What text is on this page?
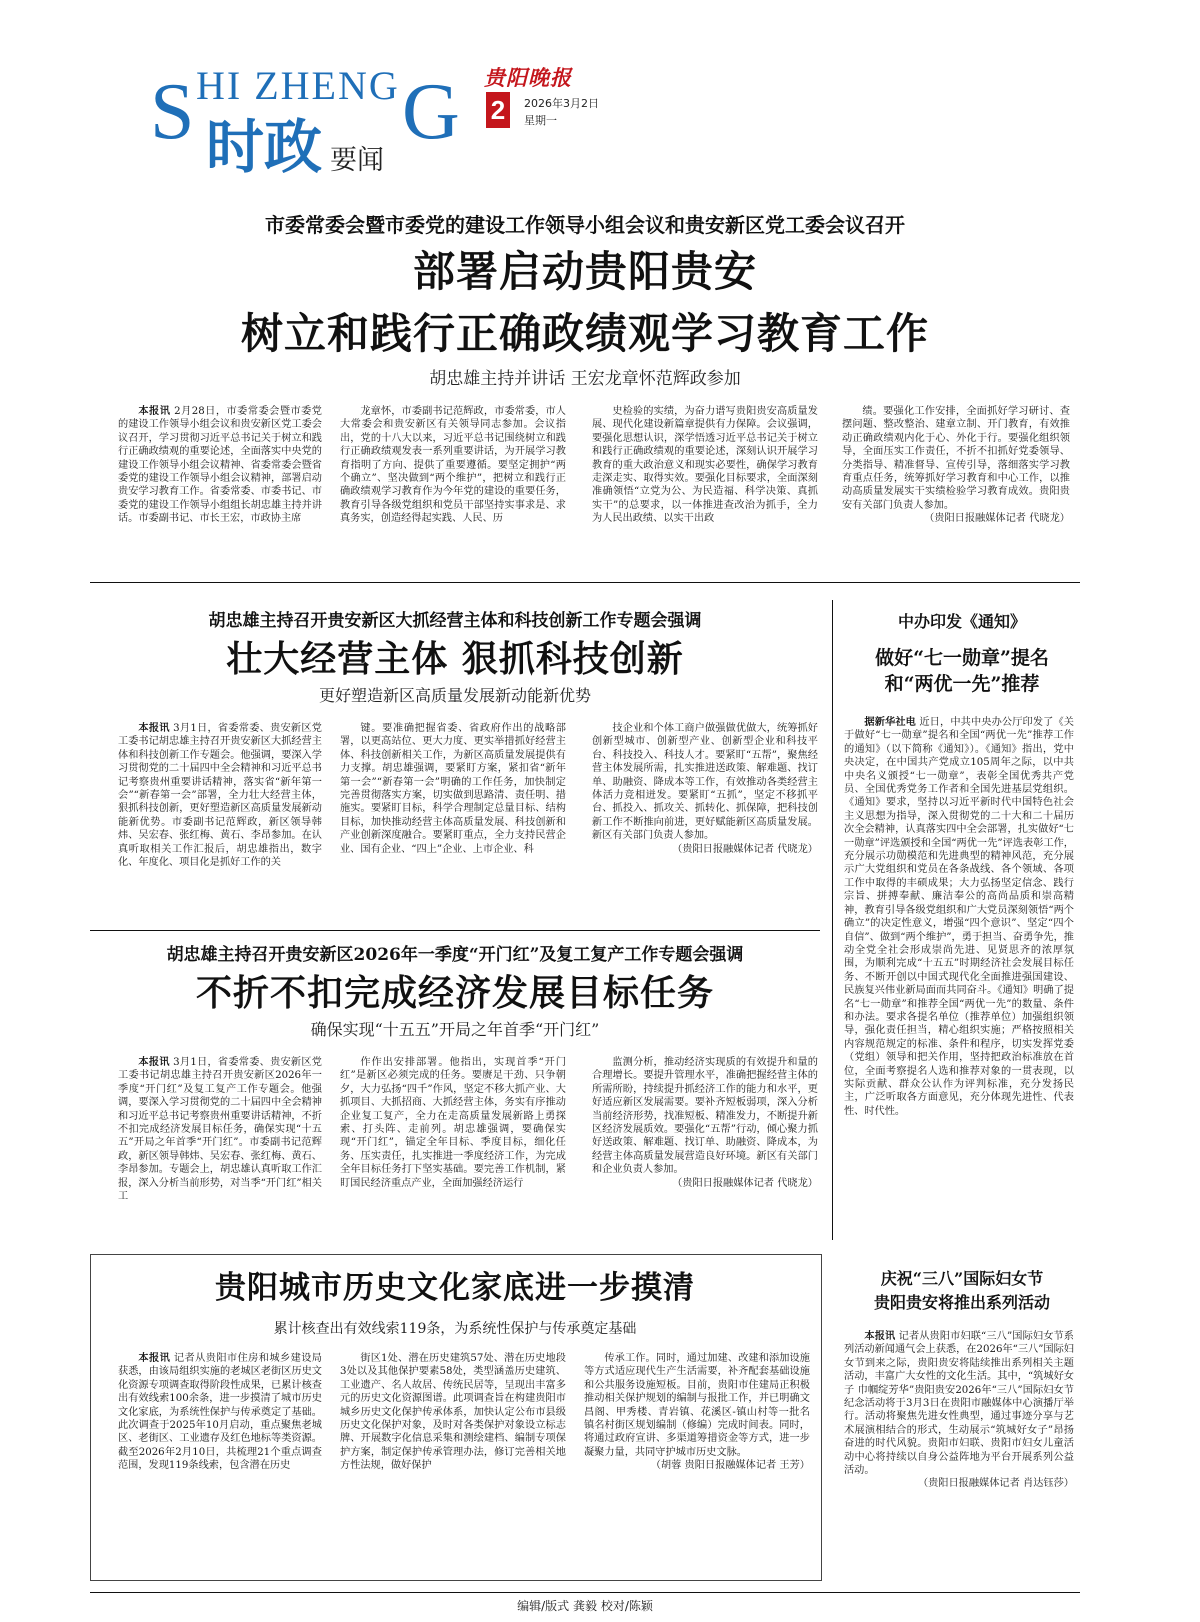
S HI ZHENG G
时政 要闻
贵阳晚报
2	2026年3月2日
星期一
市委常委会暨市委党的建设工作领导小组会议和贵安新区党工委会议召开
部署启动贵阳贵安
树立和践行正确政绩观学习教育工作
胡忠雄主持并讲话 王宏龙章怀范辉政参加

本报讯 2月28日，市委常委会暨市委党的建设工作领导小组会议和贵安新区党工委会议召开，学习贯彻习近平总书记关于树立和践行正确政绩观的重要论述，全面落实中央党的建设工作领导小组会议精神、省委常委会暨省委党的建设工作领导小组会议精神，部署启动贵安学习教育工作。省委常委、市委书记、市委党的建设工作领导小组组长胡忠雄主持并讲话。市委副书记、市长王宏，市政协主席

龙章怀，市委副书记范辉政，市委常委，市人大常委会和贵安新区有关领导同志参加。会议指出，党的十八大以来，习近平总书记围绕树立和践行正确政绩观发表一系列重要讲话，为开展学习教育指明了方向、提供了重要遵循。要坚定拥护“两个确立”、坚决做到“两个维护”，把树立和践行正确政绩观学习教育作为今年党的建设的重要任务，教育引导各级党组织和党员干部坚持实事求是、求真务实，创造经得起实践、人民、历

史检验的实绩，为奋力谱写贵阳贵安高质量发展、现代化建设新篇章提供有力保障。会议强调，要强化思想认识，深学悟透习近平总书记关于树立和践行正确政绩观的重要论述，深刻认识开展学习教育的重大政治意义和现实必要性，确保学习教育走深走实、取得实效。要强化目标要求，全面深刻准确领悟“立党为公、为民造福、科学决策、真抓实干”的总要求，以一体推进查改治为抓手，全力为人民出政绩、以实干出政

绩。要强化工作安排，全面抓好学习研讨、查摆问题、整改整治、建章立制、开门教育，有效推动正确政绩观内化于心、外化于行。要强化组织领导，全面压实工作责任，不折不扣抓好党委领导、分类指导、精准督导、宣传引导，落细落实学习教育重点任务，统筹抓好学习教育和中心工作，以推动高质量发展实干实绩检验学习教育成效。贵阳贵安有关部门负责人参加。

（贵阳日报融媒体记者 代晓龙）

胡忠雄主持召开贵安新区大抓经营主体和科技创新工作专题会强调
壮大经营主体 狠抓科技创新
更好塑造新区高质量发展新动能新优势

本报讯 3月1日，省委常委、贵安新区党工委书记胡忠雄主持召开贵安新区大抓经营主体和科技创新工作专题会。他强调，要深入学习贯彻党的二十届四中全会精神和习近平总书记考察贵州重要讲话精神，落实省“新年第一会”“新春第一会”部署，全力壮大经营主体，狠抓科技创新，更好塑造新区高质量发展新动能新优势。市委副书记范辉政，新区领导韩炜、吴宏春、张红梅、黄石、李昂参加。在认真听取相关工作汇报后，胡忠雄指出，数字化、年度化、项目化是抓好工作的关

键。要准确把握省委、省政府作出的战略部署，以更高站位、更大力度、更实举措抓好经营主体、科技创新相关工作，为新区高质量发展提供有力支撑。胡忠雄强调，要紧盯方案，紧扣省“新年第一会”“新春第一会”明确的工作任务，加快制定完善贯彻落实方案，切实做到思路清、责任明、措施实。要紧盯目标，科学合理制定总量目标、结构目标，加快推动经营主体高质量发展、科技创新和产业创新深度融合。要紧盯重点，全力支持民营企业、国有企业、“四上”企业、上市企业、科

技企业和个体工商户做强做优做大，统筹抓好创新型城市、创新型产业、创新型企业和科技平台、科技投入、科技人才。要紧盯“五帮”，聚焦经营主体发展所需，扎实推进送政策、解难题、找订单、助融资、降成本等工作，有效推动各类经营主体活力竞相迸发。要紧盯“五抓”，坚定不移抓平台、抓投入、抓攻关、抓转化、抓保障，把科技创新工作不断推向前进，更好赋能新区高质量发展。新区有关部门负责人参加。

（贵阳日报融媒体记者 代晓龙）

胡忠雄主持召开贵安新区2026年一季度“开门红”及复工复产工作专题会强调
不折不扣完成经济发展目标任务
确保实现“十五五”开局之年首季“开门红”

本报讯 3月1日，省委常委、贵安新区党工委书记胡忠雄主持召开贵安新区2026年一季度“开门红”及复工复产工作专题会。他强调，要深入学习贯彻党的二十届四中全会精神和习近平总书记考察贵州重要讲话精神，不折不扣完成经济发展目标任务，确保实现“十五五”开局之年首季“开门红”。市委副书记范辉政，新区领导韩炜、吴宏春、张红梅、黄石、李昂参加。专题会上，胡忠雄认真听取工作汇报，深入分析当前形势，对当季“开门红”相关工

作作出安排部署。他指出，实现首季“开门红”是新区必须完成的任务。要赓足干劲、只争朝夕，大力弘扬“四千”作风，坚定不移大抓产业、大抓项目、大抓招商、大抓经营主体，务实有序推动企业复工复产，全力在走高质量发展新路上勇探索、打头阵、走前列。胡忠雄强调，要确保实现“开门红”，锚定全年目标、季度目标，细化任务、压实责任，扎实推进一季度经济工作，为完成全年目标任务打下坚实基础。要完善工作机制，紧盯国民经济重点产业，全面加强经济运行

监测分析，推动经济实现质的有效提升和量的合理增长。要提升管理水平，准确把握经营主体的所需所盼，持续提升抓经济工作的能力和水平，更好适应新区发展需要。要补齐短板弱项，深入分析当前经济形势，找准短板、精准发力，不断提升新区经济发展质效。要强化“五帮”行动，倾心聚力抓好送政策、解难题、找订单、助融资、降成本，为经营主体高质量发展营造良好环境。新区有关部门和企业负责人参加。

（贵阳日报融媒体记者 代晓龙）

中办印发《通知》
做好“七一勋章”提名
和“两优一先”推荐

据新华社电 近日，中共中央办公厅印发了《关于做好“七一勋章”提名和全国“两优一先”推荐工作的通知》（以下简称《通知》）。《通知》指出，党中央决定，在中国共产党成立105周年之际，以中共中央名义颁授“七一勋章”，表彰全国优秀共产党员、全国优秀党务工作者和全国先进基层党组织。《通知》要求，坚持以习近平新时代中国特色社会主义思想为指导，深入贯彻党的二十大和二十届历次全会精神，认真落实四中全会部署，扎实做好“七一勋章”评选颁授和全国“两优一先”评选表彰工作，充分展示功勋模范和先进典型的精神风范，充分展示广大党组织和党员在各条战线、各个领域、各项工作中取得的丰硕成果；大力弘扬坚定信念、践行宗旨、拼搏奉献、廉洁奉公的高尚品质和崇高精神，教育引导各级党组织和广大党员深刻领悟“两个确立”的决定性意义，增强“四个意识”、坚定“四个自信”、做到“两个维护”，勇于担当、奋勇争先，推动全党全社会形成崇尚先进、见贤思齐的浓厚氛围，为顺利完成“十五五”时期经济社会发展目标任务、不断开创以中国式现代化全面推进强国建设、民族复兴伟业新局面而共同奋斗。《通知》明确了提名“七一勋章”和推荐全国“两优一先”的数量、条件和办法。要求各提名单位（推荐单位）加强组织领导，强化责任担当，精心组织实施；严格按照相关内容规范规定的标准、条件和程序，切实发挥党委（党组）领导和把关作用，坚持把政治标准放在首位，全面考察提名人选和推荐对象的一贯表现，以实际贡献、群众公认作为评判标准，充分发扬民主，广泛听取各方面意见，充分体现先进性、代表性、时代性。

贵阳城市历史文化家底进一步摸清
累计核查出有效线索119条，为系统性保护与传承奠定基础

本报讯 记者从贵阳市住房和城乡建设局获悉，由该局组织实施的老城区老街区历史文化资源专项调查取得阶段性成果，已累计核查出有效线索100余条，进一步摸清了城市历史文化家底，为系统性保护与传承奠定了基础。此次调查于2025年10月启动，重点聚焦老城区、老街区、工业遗存及红色地标等类资源。截至2026年2月10日，共梳理21个重点调查范围，发现119条线索，包含潜在历史

街区1处、潜在历史建筑57处、潜在历史地段3处以及其他保护要素58处，类型涵盖历史建筑、工业遗产、名人故居、传统民居等，呈现出丰富多元的历史文化资源图谱。此项调查旨在构建贵阳市城乡历史文化保护传承体系，加快认定公布市县级历史文化保护对象，及时对各类保护对象设立标志牌、开展数字化信息采集和测绘建档、编制专项保护方案，制定保护传承管理办法，修订完善相关地方性法规，做好保护

传承工作。同时，通过加建、改建和添加设施等方式适应现代生产生活需要，补齐配套基础设施和公共服务设施短板。目前，贵阳市住建局正积极推动相关保护规划的编制与报批工作，并已明确文昌阁、甲秀楼、青岩镇、花溪区-镇山村等一批名镇名村街区规划编制（修编）完成时间表。同时，将通过政府宣讲、多渠道筹措资金等方式，进一步凝聚力量，共同守护城市历史文脉。

（胡蓉 贵阳日报融媒体记者 王芳）

庆祝“三八”国际妇女节
贵阳贵安将推出系列活动

本报讯 记者从贵阳市妇联“三八”国际妇女节系列活动新闻通气会上获悉，在2026年“三八”国际妇女节到来之际，贵阳贵安将陆续推出系列相关主题活动，丰富广大女性的文化生活。其中，“筑城好女子 巾帼绽芳华”贵阳贵安2026年“三八”国际妇女节纪念活动将于3月3日在贵阳市融媒体中心演播厅举行。活动将聚焦先进女性典型，通过事迹分享与艺术展演相结合的形式，生动展示“筑城好女子”昂扬奋进的时代风貌。贵阳市妇联、贵阳市妇女儿童活动中心将持续以自身公益阵地为平台开展系列公益活动。

（贵阳日报融媒体记者 肖达钰莎）

编辑/版式 龚毅 校对/陈颖
